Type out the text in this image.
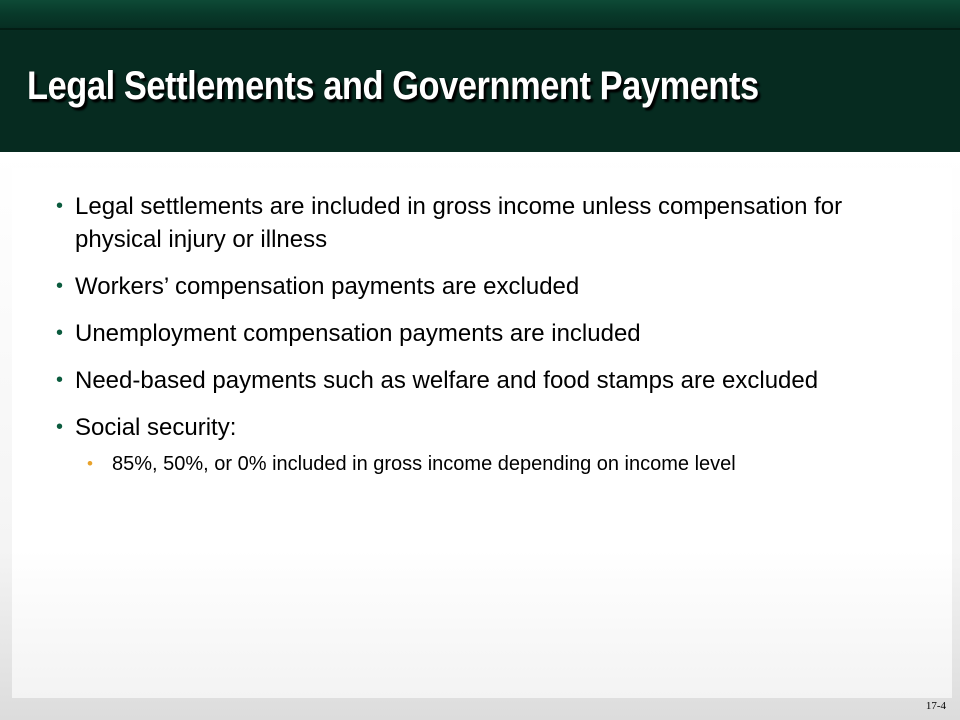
Legal Settlements and Government Payments
• Legal settlements are included in gross income unless compensation for physical injury or illness
• Workers’ compensation payments are excluded
• Unemployment compensation payments are included
• Need-based payments such as welfare and food stamps are excluded
• Social security:
• 85%, 50%, or 0% included in gross income depending on income level
17-4
